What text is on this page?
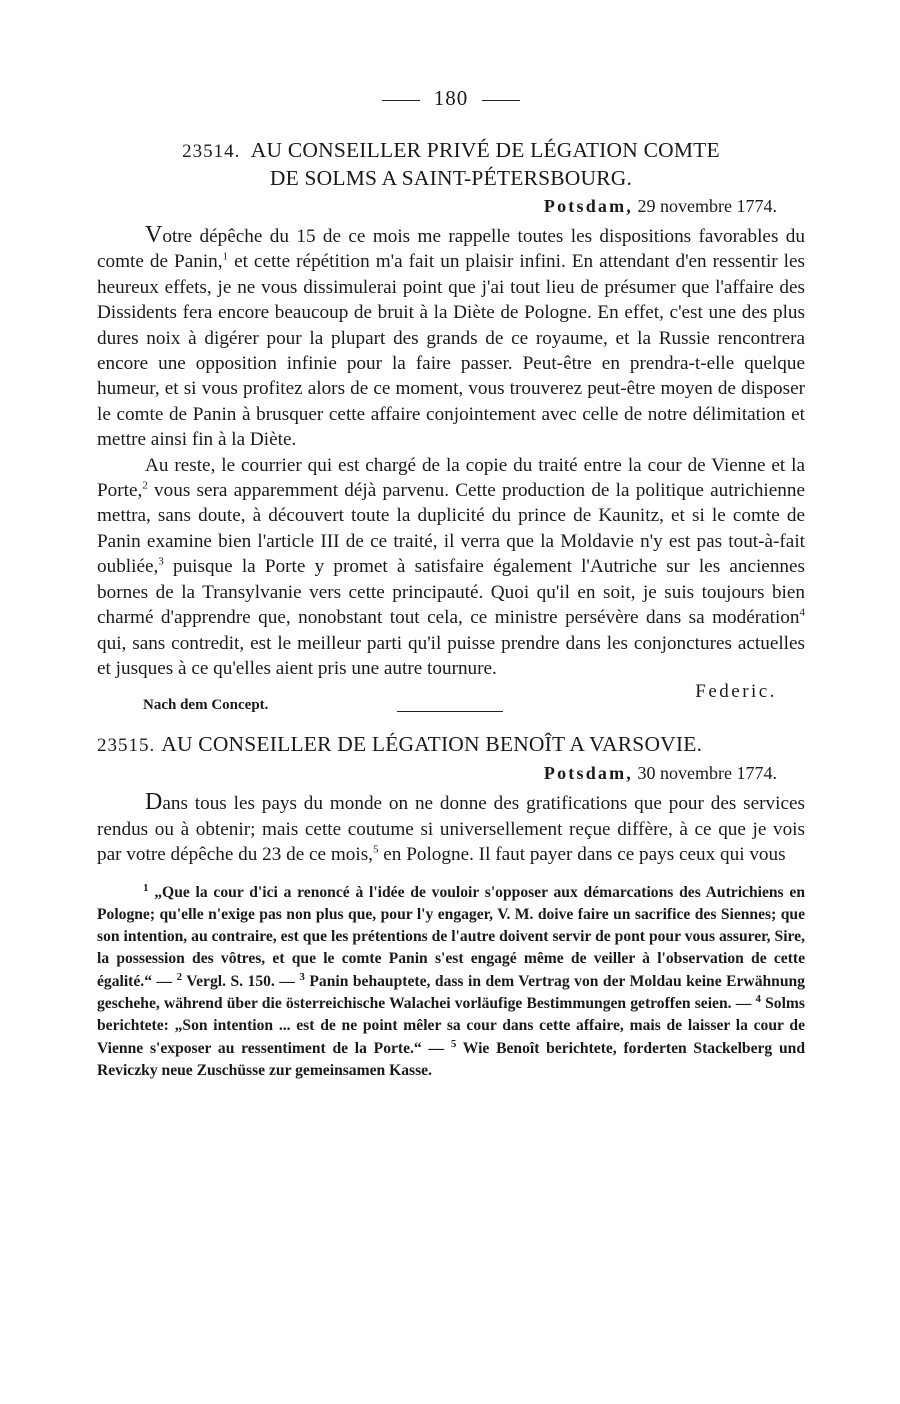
180
23514. AU CONSEILLER PRIVÉ DE LÉGATION COMTE
DE SOLMS A SAINT-PÉTERSBOURG.
Potsdam, 29 novembre 1774.

Votre dépêche du 15 de ce mois me rappelle toutes les dispositions favorables du comte de Panin,$^1$ et cette répétition m'a fait un plaisir infini. En attendant d'en ressentir les heureux effets, je ne vous dissimulerai point que j'ai tout lieu de présumer que l'affaire des Dissidents fera encore beaucoup de bruit à la Diète de Pologne. En effet, c'est une des plus dures noix à digérer pour la plupart des grands de ce royaume, et la Russie rencontrera encore une opposition infinie pour la faire passer. Peut-être en prendra-t-elle quelque humeur, et si vous profitez alors de ce moment, vous trouverez peut-être moyen de disposer le comte de Panin à brusquer cette affaire conjointement avec celle de notre délimitation et mettre ainsi fin à la Diète.

Au reste, le courrier qui est chargé de la copie du traité entre la cour de Vienne et la Porte,$^2$ vous sera apparemment déjà parvenu. Cette production de la politique autrichienne mettra, sans doute, à découvert toute la duplicité du prince de Kaunitz, et si le comte de Panin examine bien l'article III de ce traité, il verra que la Moldavie n'y est pas tout-à-fait oubliée,$^3$ puisque la Porte y promet à satisfaire également l'Autriche sur les anciennes bornes de la Transylvanie vers cette principauté. Quoi qu'il en soit, je suis toujours bien charmé d'apprendre que, nonobstant tout cela, ce ministre persévère dans sa modération$^4$ qui, sans contredit, est le meilleur parti qu'il puisse prendre dans les conjonctures actuelles et jusques à ce qu'elles aient pris une autre tournure.

Federic.
Nach dem Concept.
23515. AU CONSEILLER DE LÉGATION BENOÎT A VARSOVIE.
Potsdam, 30 novembre 1774.

Dans tous les pays du monde on ne donne des gratifications que pour des services rendus ou à obtenir; mais cette coutume si universellement reçue diffère, à ce que je vois par votre dépêche du 23 de ce mois,$^5$ en Pologne. Il faut payer dans ce pays ceux qui vous

$^1$ „Que la cour d'ici a renoncé à l'idée de vouloir s'opposer aux démarcations des Autrichiens en Pologne; qu'elle n'exige pas non plus que, pour l'y engager, V. M. doive faire un sacrifice des Siennes; que son intention, au contraire, est que les prétentions de l'autre doivent servir de pont pour vous assurer, Sire, la possession des vôtres, et que le comte Panin s'est engagé même de veiller à l'observation de cette égalité.“ — $^2$ Vergl. S. 150. — $^3$ Panin behauptete, dass in dem Vertrag von der Moldau keine Erwähnung geschehe, während über die österreichische Walachei vorläufige Bestimmungen getroffen seien. — $^4$ Solms berichtete: „Son intention ... est de ne point mêler sa cour dans cette affaire, mais de laisser la cour de Vienne s'exposer au ressentiment de la Porte.“ — $^5$ Wie Benoît berichtete, forderten Stackelberg und Reviczky neue Zuschüsse zur gemeinsamen Kasse.
